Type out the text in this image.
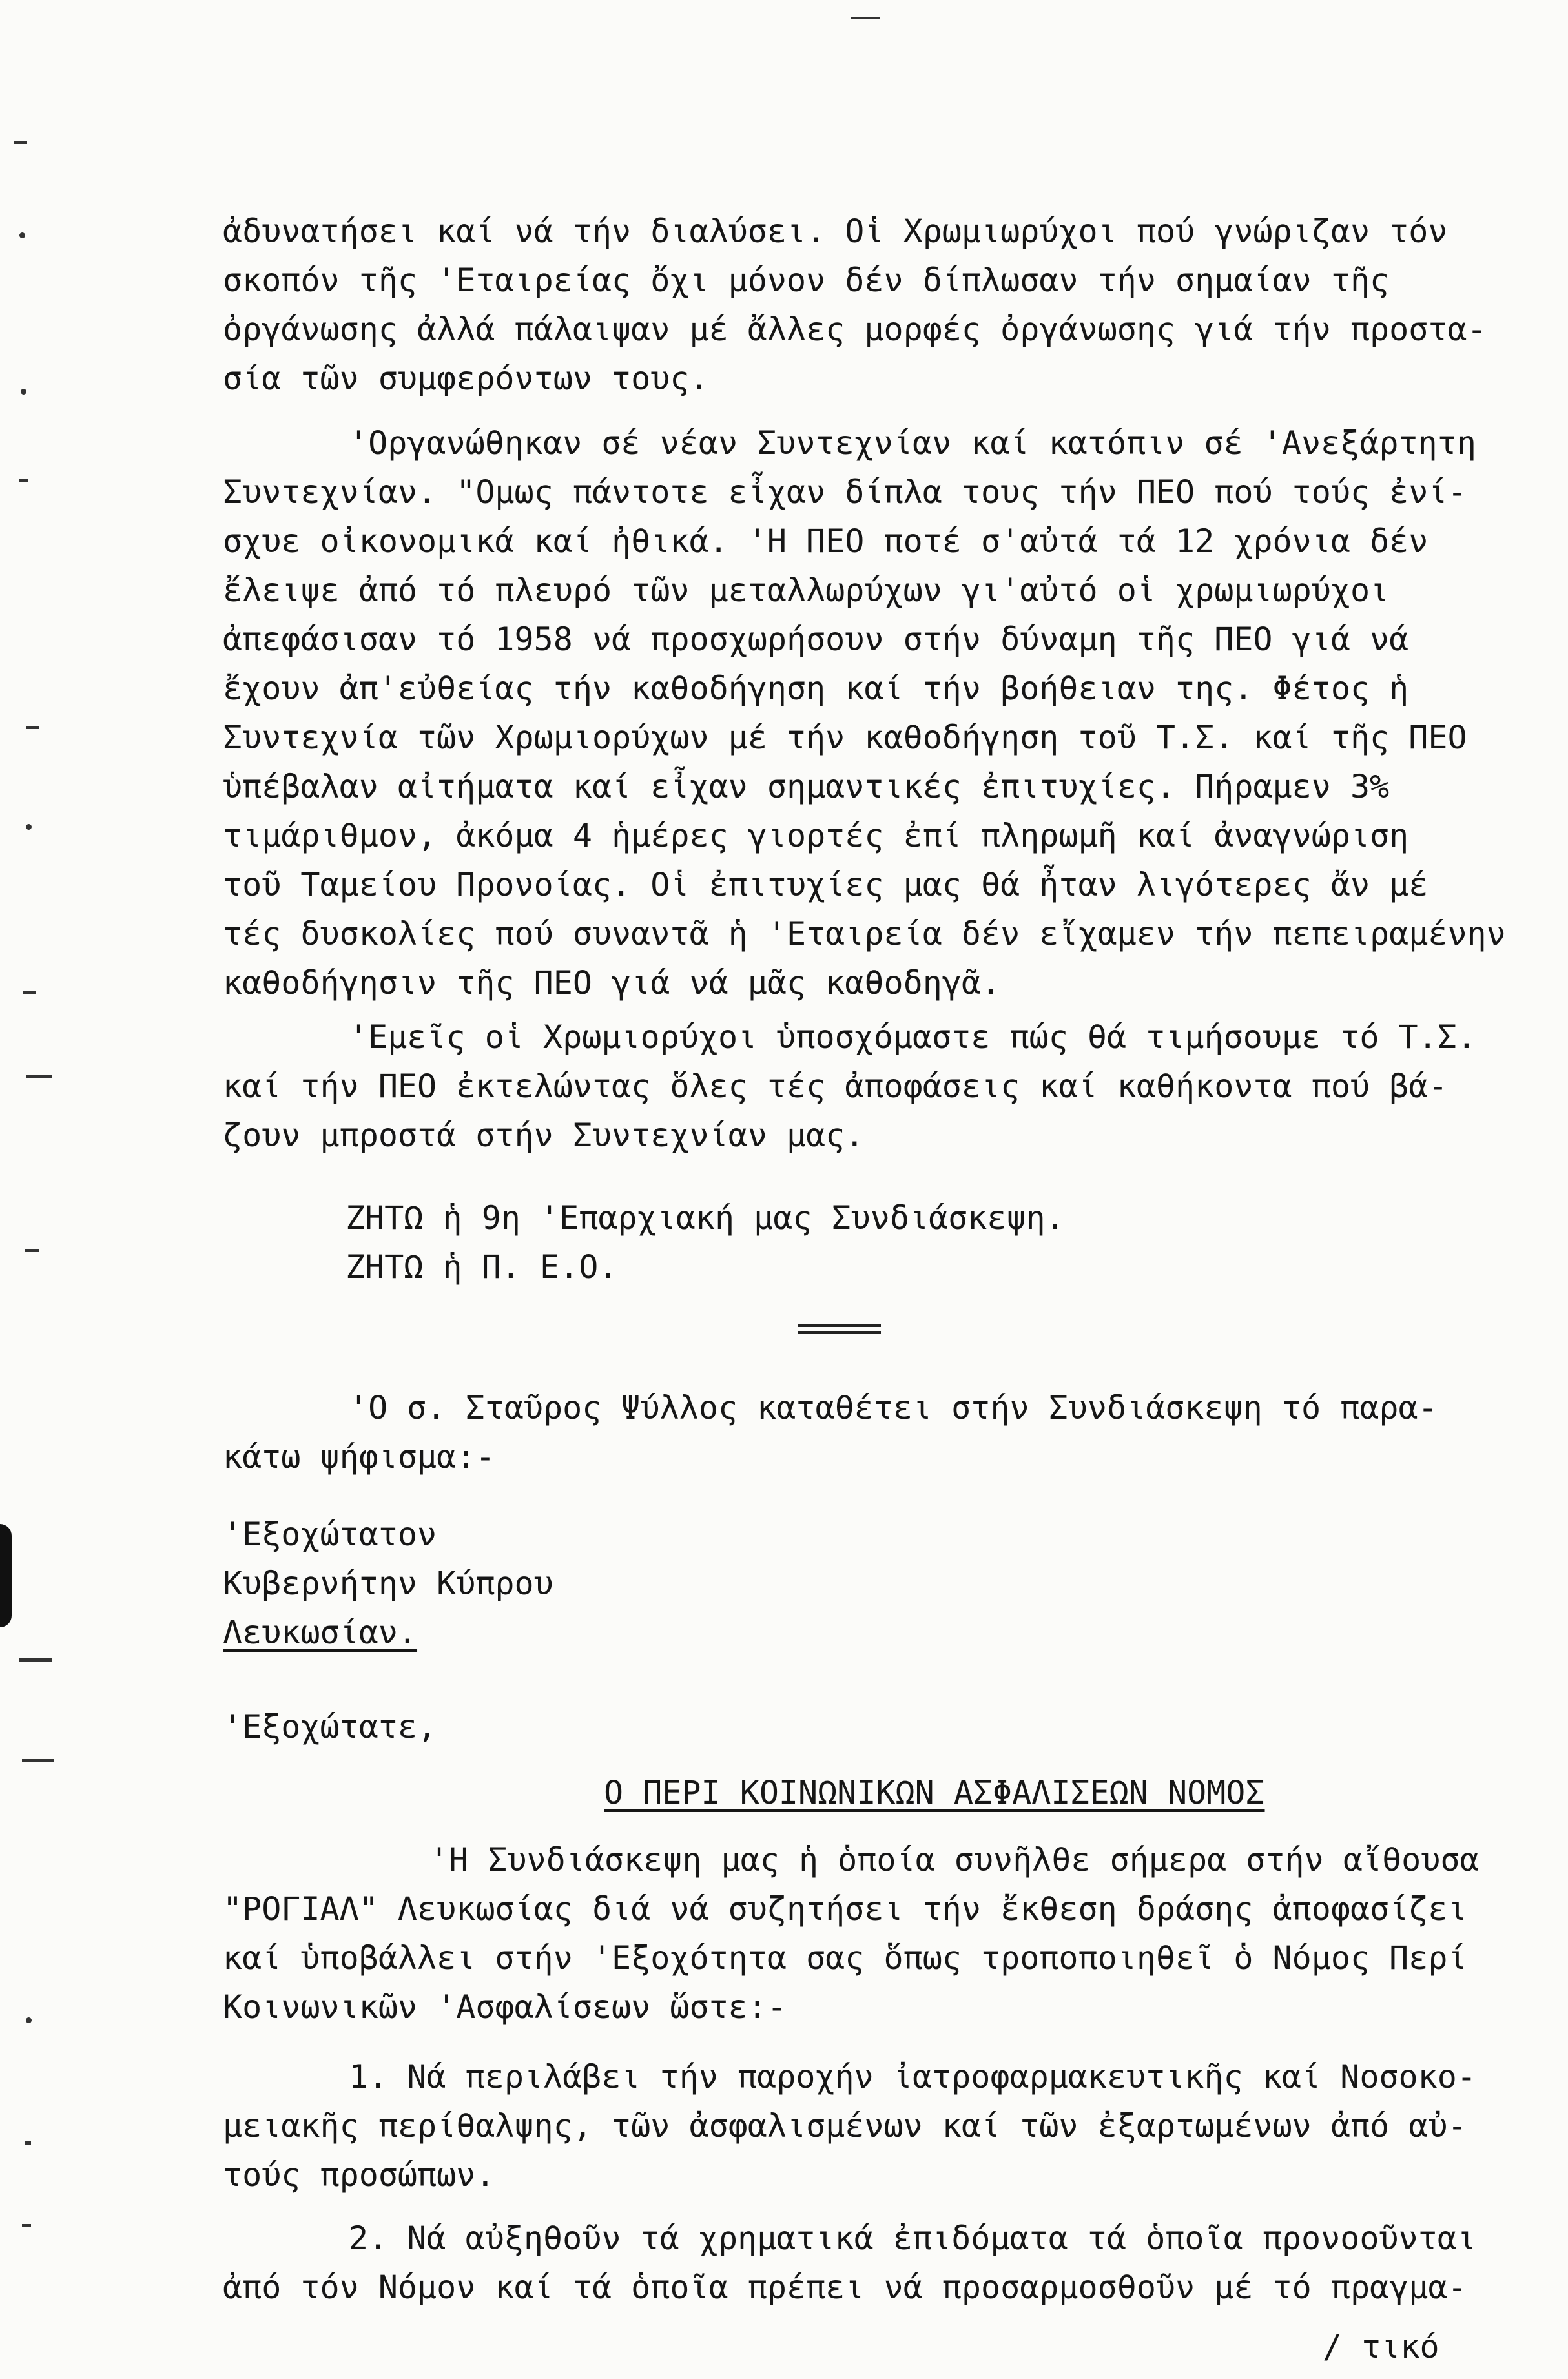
ἀδυνατήσει καί νά τήν διαλύσει. Οἱ Χρωμιωρύχοι πού γνώριζαν τόν
σκοπόν τῆς 'Εταιρείας ὄχι μόνον δέν δίπλωσαν τήν σημαίαν τῆς
ὀργάνωσης ἀλλά πάλαιψαν μέ ἄλλες μορφές ὀργάνωσης γιά τήν προστα-
σία τῶν συμφερόντων τους.
'Οργανώθηκαν σέ νέαν Συντεχνίαν καί κατόπιν σέ 'Ανεξάρτητη
Συντεχνίαν. "Ομως πάντοτε εἶχαν δίπλα τους τήν ΠΕΟ πού τούς ἐνί-
σχυε οἰκονομικά καί ἠθικά. 'Η ΠΕΟ ποτέ σ'αὐτά τά 12 χρόνια δέν
ἔλειψε ἀπό τό πλευρό τῶν μεταλλωρύχων γι'αὐτό οἱ χρωμιωρύχοι
ἀπεφάσισαν τό 1958 νά προσχωρήσουν στήν δύναμη τῆς ΠΕΟ γιά νά
ἔχουν ἀπ'εὐθείας τήν καθοδήγηση καί τήν βοήθειαν της. Φέτος ἡ
Συντεχνία τῶν Χρωμιορύχων μέ τήν καθοδήγηση τοῦ Τ.Σ. καί τῆς ΠΕΟ
ὑπέβαλαν αἰτήματα καί εἶχαν σημαντικές ἐπιτυχίες. Πήραμεν 3%
τιμάριθμον, ἀκόμα 4 ἡμέρες γιορτές ἐπί πληρωμῆ καί ἀναγνώριση
τοῦ Ταμείου Προνοίας. Οἱ ἐπιτυχίες μας θά ἦταν λιγότερες ἄν μέ
τές δυσκολίες πού συναντᾶ ἡ 'Εταιρεία δέν εἴχαμεν τήν πεπειραμένην
καθοδήγησιν τῆς ΠΕΟ γιά νά μᾶς καθοδηγᾶ.
'Εμεῖς οἱ Χρωμιορύχοι ὑποσχόμαστε πώς θά τιμήσουμε τό Τ.Σ.
καί τήν ΠΕΟ ἐκτελώντας ὅλες τές ἀποφάσεις καί καθήκοντα πού βά-
ζουν μπροστά στήν Συντεχνίαν μας.
ΖΗΤΩ ἡ 9η 'Επαρχιακή μας Συνδιάσκεψη.
ΖΗΤΩ ἡ Π. Ε.Ο.
'Ο σ. Σταῦρος Ψύλλος καταθέτει στήν Συνδιάσκεψη τό παρα-
κάτω ψήφισμα:-
'Εξοχώτατον
Κυβερνήτην Κύπρου
Λευκωσίαν.
'Εξοχώτατε,
Ο ΠΕΡΙ ΚΟΙΝΩΝΙΚΩΝ ΑΣΦΑΛΙΣΕΩΝ ΝΟΜΟΣ
'Η Συνδιάσκεψη μας ἡ ὁποία συνῆλθε σήμερα στήν αἴθουσα
"ΡΟΓΙΑΛ" Λευκωσίας διά νά συζητήσει τήν ἔκθεση δράσης ἀποφασίζει
καί ὑποβάλλει στήν 'Εξοχότητα σας ὅπως τροποποιηθεῖ ὁ Νόμος Περί
Κοινωνικῶν 'Ασφαλίσεων ὥστε:-
1. Νά περιλάβει τήν παροχήν ἰατροφαρμακευτικῆς καί Νοσοκο-
μειακῆς περίθαλψης, τῶν ἀσφαλισμένων καί τῶν ἐξαρτωμένων ἀπό αὐ-
τούς προσώπων.
2. Νά αὐξηθοῦν τά χρηματικά ἐπιδόματα τά ὁποῖα προνοοῦνται
ἀπό τόν Νόμον καί τά ὁποῖα πρέπει νά προσαρμοσθοῦν μέ τό πραγμα-
/ τικό
